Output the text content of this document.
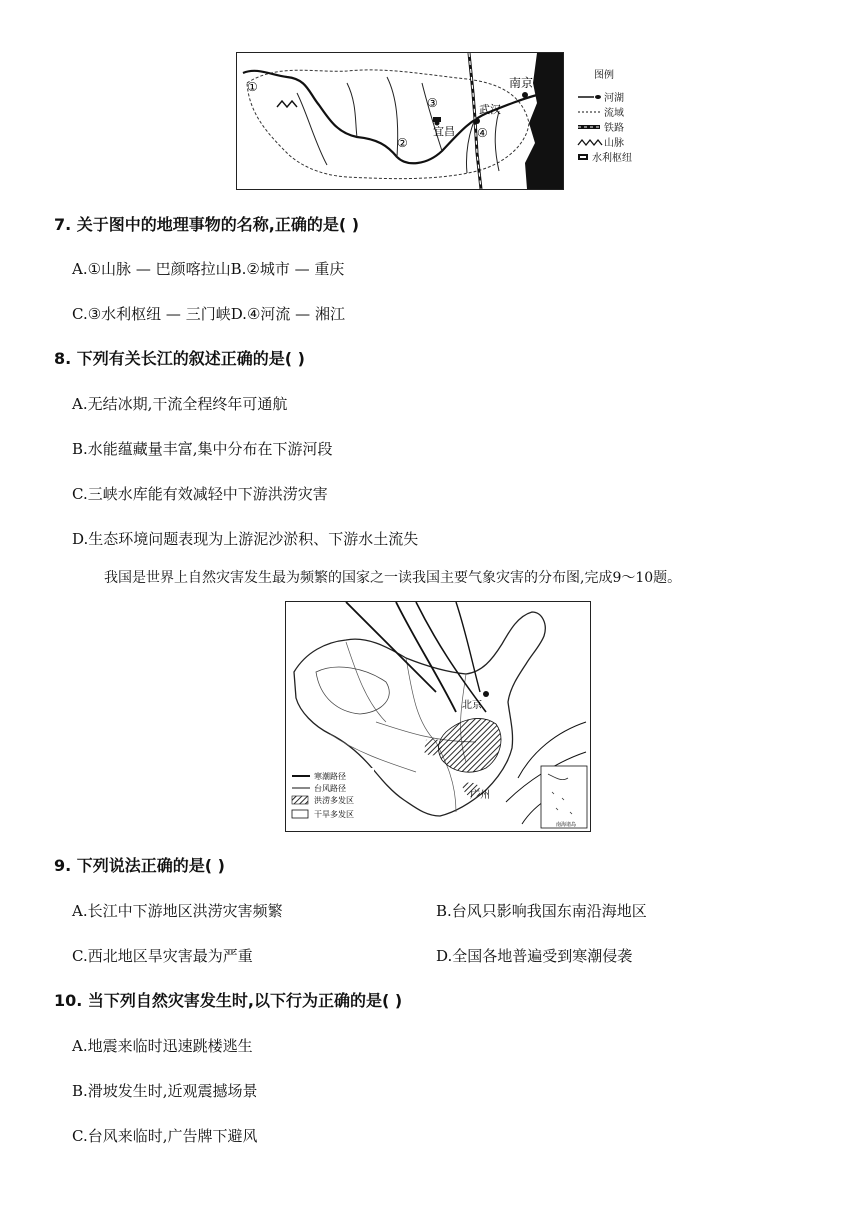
①
②
③
④
南京
武汉
宜昌
图例
河湖
流域
铁路
山脉
水利枢纽
7. 关于图中的地理事物的名称,正确的是( )
A.①山脉 — 巴颜喀拉山B.②城市 — 重庆
C.③水利枢纽 — 三门峡D.④河流 — 湘江
8. 下列有关长江的叙述正确的是( )
A.无结冰期,干流全程终年可通航
B.水能蕴藏量丰富,集中分布在下游河段
C.三峡水库能有效减轻中下游洪涝灾害
D.生态环境问题表现为上游泥沙淤积、下游水土流失
我国是世界上自然灾害发生最为频繁的国家之一读我国主要气象灾害的分布图,完成9～10题。
寒潮路径
台风路径
洪涝多发区
干旱多发区
南海诸岛
北京
广州
9. 下列说法正确的是( )
A.长江中下游地区洪涝灾害频繁	B.台风只影响我国东南沿海地区
C.西北地区旱灾害最为严重	D.全国各地普遍受到寒潮侵袭
10. 当下列自然灾害发生时,以下行为正确的是( )
A.地震来临时迅速跳楼逃生
B.滑坡发生时,近观震撼场景
C.台风来临时,广告牌下避风
